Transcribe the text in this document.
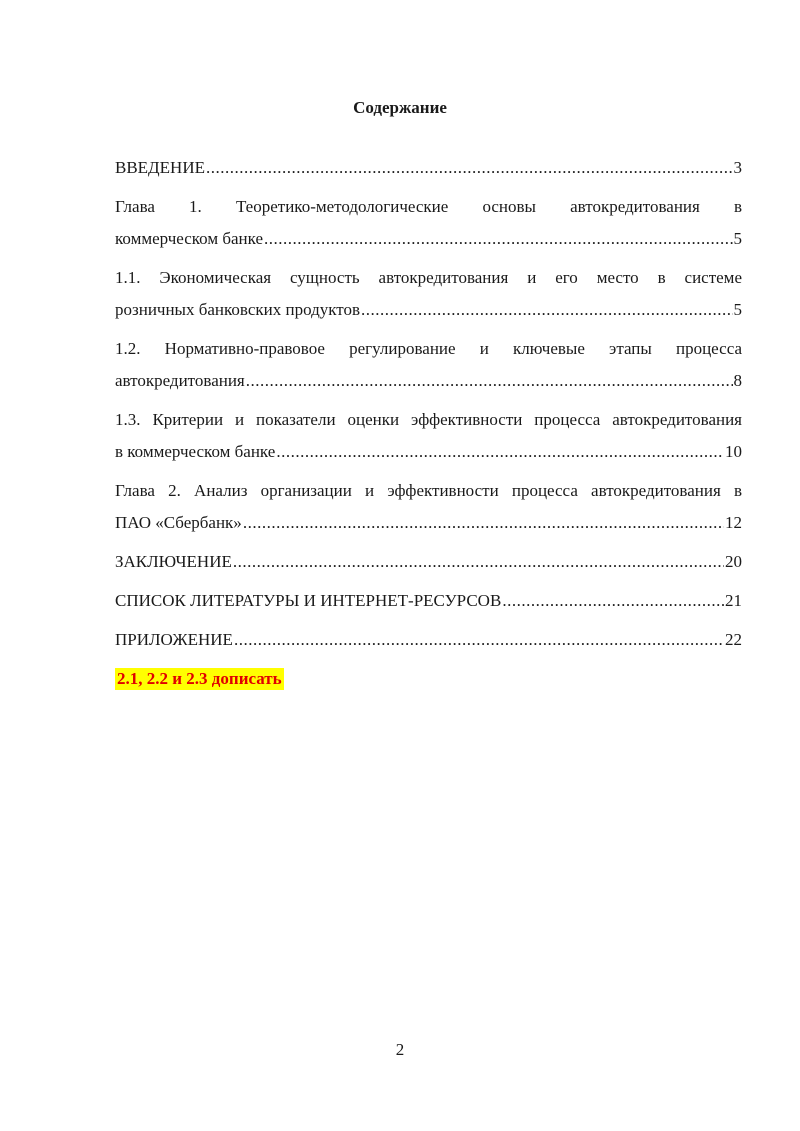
Содержание
ВВЕДЕНИЕ .....	3
Глава 1. Теоретико-методологические основы автокредитования в
коммерческом банке .....	5
1.1. Экономическая сущность автокредитования и его место в системе
розничных банковских продуктов .....	5
1.2. Нормативно-правовое регулирование и ключевые этапы процесса
автокредитования .....	8
1.3. Критерии и показатели оценки эффективности процесса автокредитования
в коммерческом банке .....	10
Глава 2. Анализ организации и эффективности процесса автокредитования в
ПАО «Сбербанк» .....	12
ЗАКЛЮЧЕНИЕ .....	20
СПИСОК ЛИТЕРАТУРЫ И ИНТЕРНЕТ-РЕСУРСОВ .....	21
ПРИЛОЖЕНИЕ .....	22
2.1, 2.2 и 2.3 дописать
2
